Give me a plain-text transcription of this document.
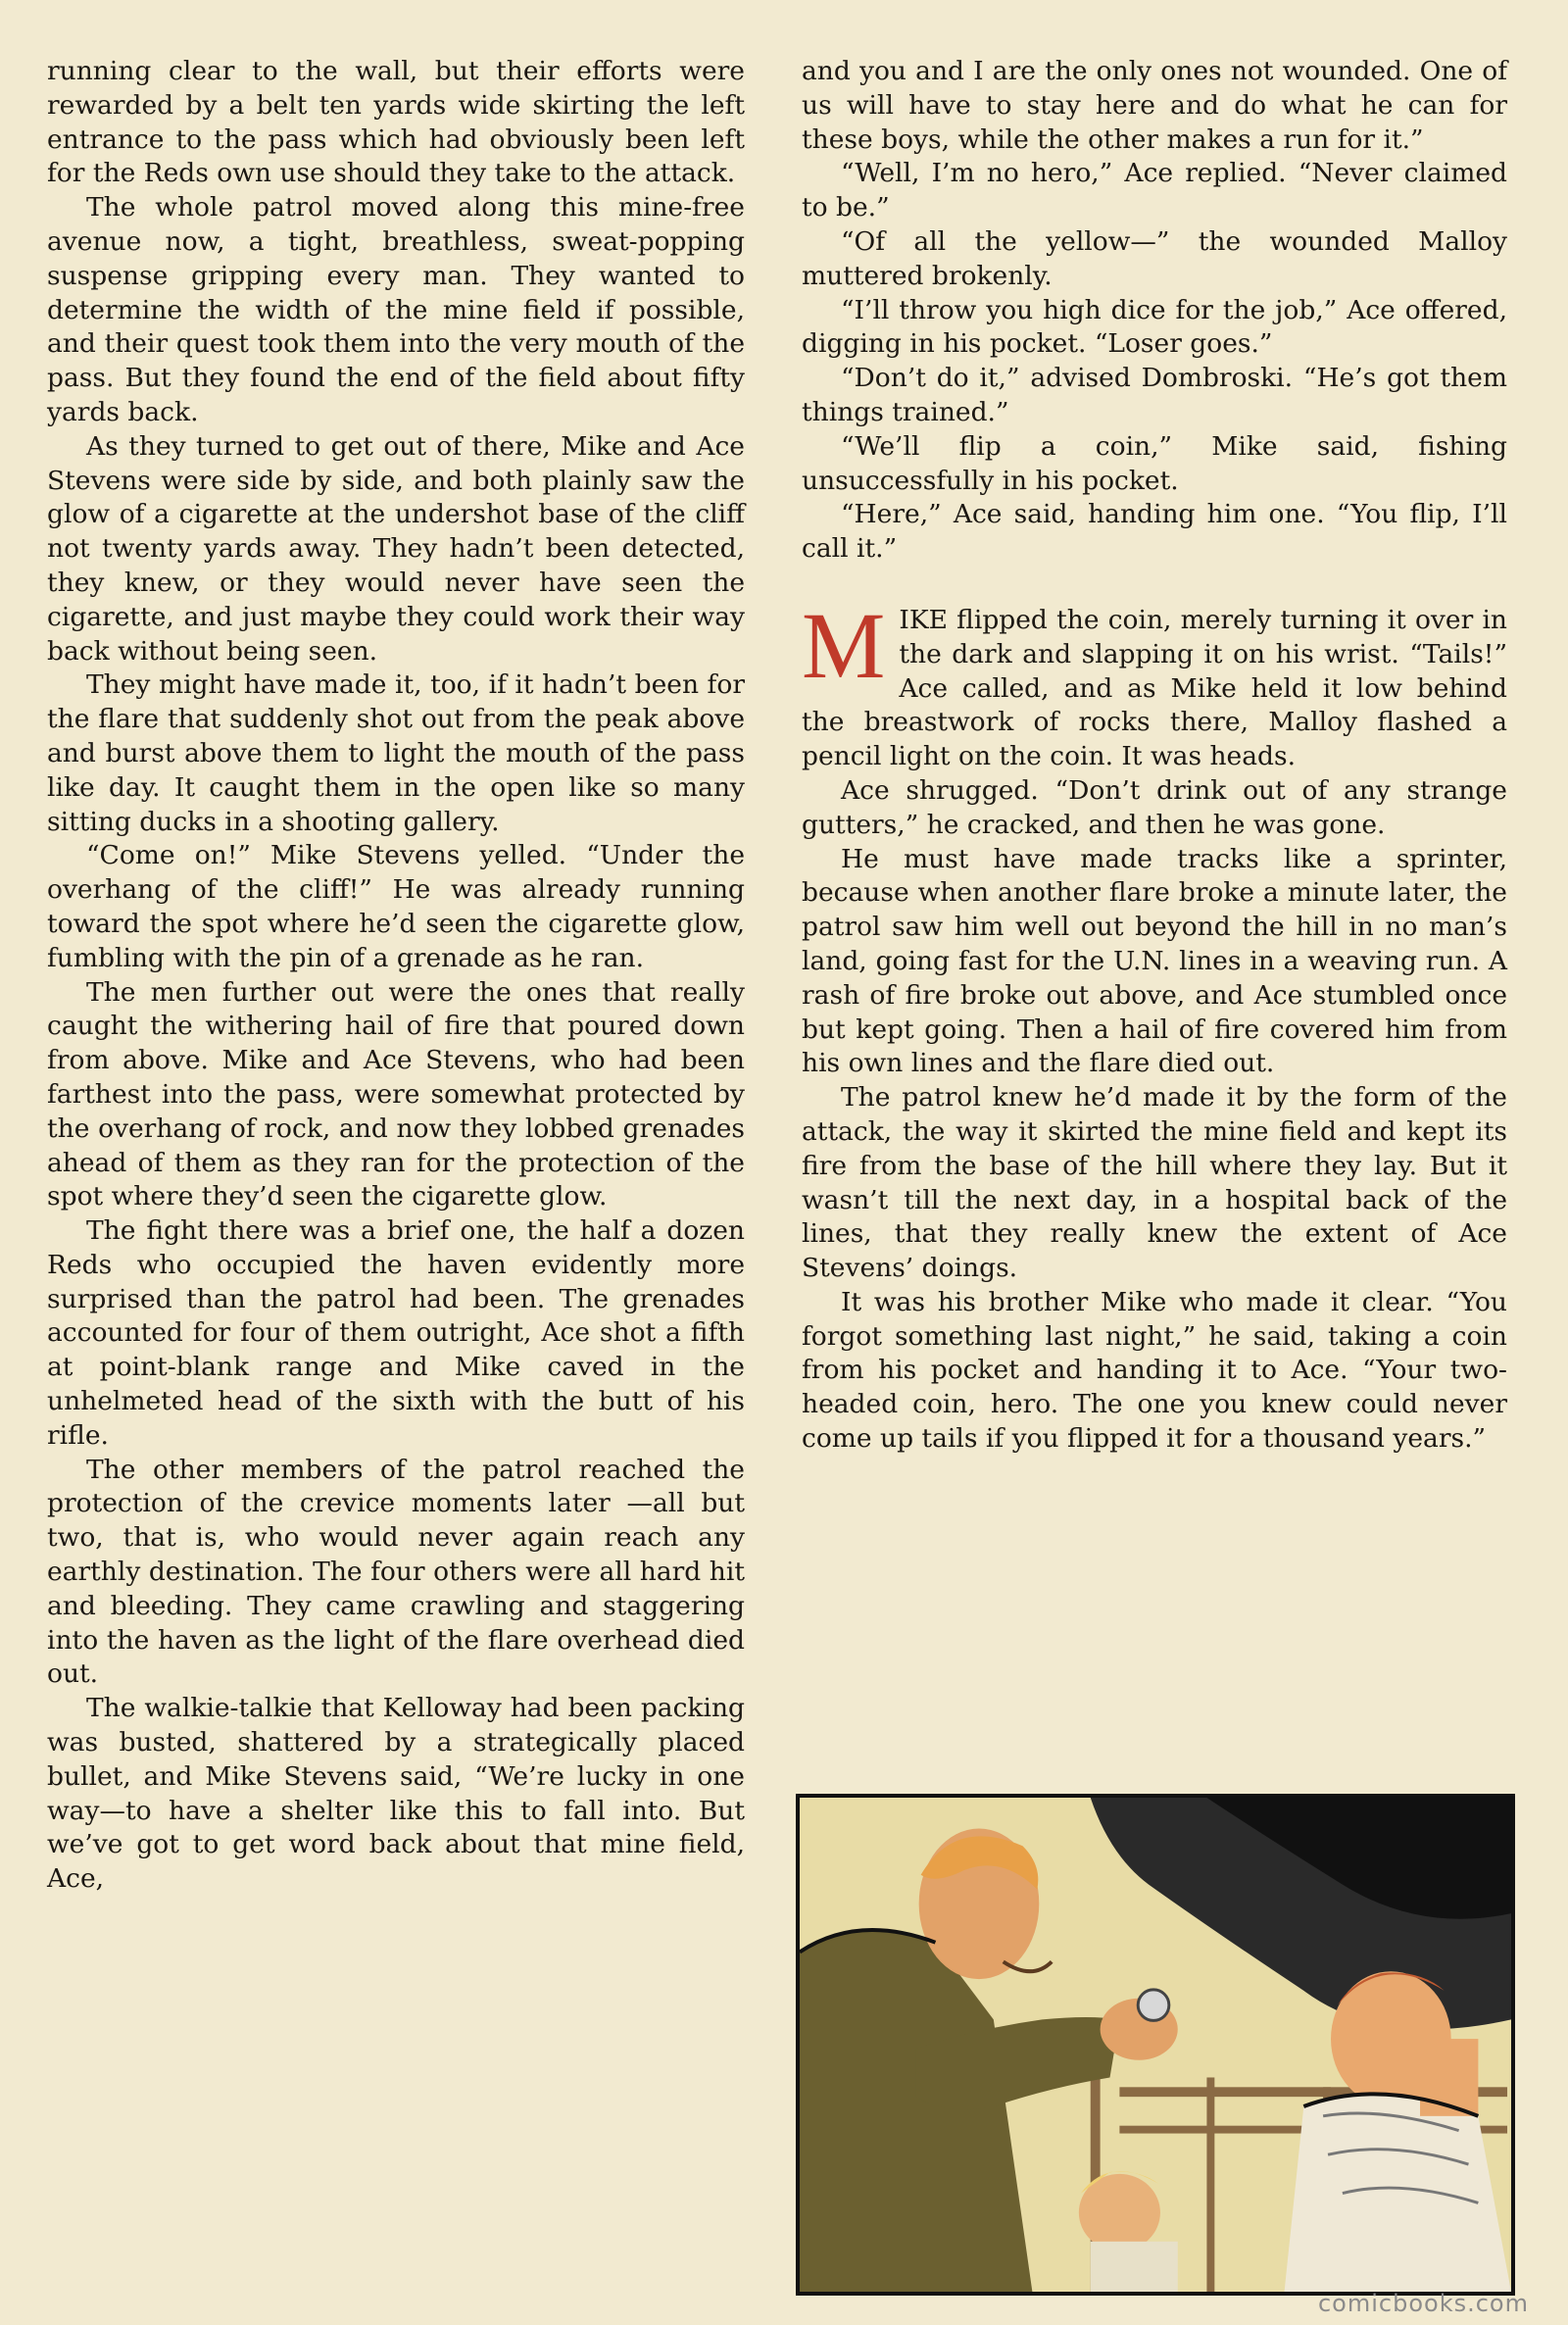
running clear to the wall, but their efforts were rewarded by a belt ten yards wide skirting the left entrance to the pass which had obviously been left for the Reds own use should they take to the attack.

The whole patrol moved along this mine-free avenue now, a tight, breathless, sweat-popping suspense gripping every man. They wanted to determine the width of the mine field if possible, and their quest took them into the very mouth of the pass. But they found the end of the field about fifty yards back.

As they turned to get out of there, Mike and Ace Stevens were side by side, and both plainly saw the glow of a cigarette at the undershot base of the cliff not twenty yards away. They hadn’t been detected, they knew, or they would never have seen the cigarette, and just maybe they could work their way back without being seen.

They might have made it, too, if it hadn’t been for the flare that suddenly shot out from the peak above and burst above them to light the mouth of the pass like day. It caught them in the open like so many sitting ducks in a shooting gallery.

“Come on!” Mike Stevens yelled. “Under the overhang of the cliff!” He was already running toward the spot where he’d seen the cigarette glow, fumbling with the pin of a grenade as he ran.

The men further out were the ones that really caught the withering hail of fire that poured down from above. Mike and Ace Stevens, who had been farthest into the pass, were somewhat protected by the overhang of rock, and now they lobbed grenades ahead of them as they ran for the protection of the spot where they’d seen the cigarette glow.

The fight there was a brief one, the half a dozen Reds who occupied the haven evidently more surprised than the patrol had been. The grenades accounted for four of them outright, Ace shot a fifth at point-blank range and Mike caved in the unhelmeted head of the sixth with the butt of his rifle.

The other members of the patrol reached the protection of the crevice moments later —all but two, that is, who would never again reach any earthly destination. The four others were all hard hit and bleeding. They came crawling and staggering into the haven as the light of the flare overhead died out.

The walkie-talkie that Kelloway had been packing was busted, shattered by a strategically placed bullet, and Mike Stevens said, “We’re lucky in one way—to have a shelter like this to fall into. But we’ve got to get word back about that mine field, Ace,

and you and I are the only ones not wounded. One of us will have to stay here and do what he can for these boys, while the other makes a run for it.”

“Well, I’m no hero,” Ace replied. “Never claimed to be.”

“Of all the yellow—” the wounded Malloy muttered brokenly.

“I’ll throw you high dice for the job,” Ace offered, digging in his pocket. “Loser goes.”

“Don’t do it,” advised Dombroski. “He’s got them things trained.”

“We’ll flip a coin,” Mike said, fishing unsuccessfully in his pocket.

“Here,” Ace said, handing him one. “You flip, I’ll call it.”

MIKE flipped the coin, merely turning it over in the dark and slapping it on his wrist. “Tails!” Ace called, and as Mike held it low behind the breastwork of rocks there, Malloy flashed a pencil light on the coin. It was heads.

Ace shrugged. “Don’t drink out of any strange gutters,” he cracked, and then he was gone.

He must have made tracks like a sprinter, because when another flare broke a minute later, the patrol saw him well out beyond the hill in no man’s land, going fast for the U.N. lines in a weaving run. A rash of fire broke out above, and Ace stumbled once but kept going. Then a hail of fire covered him from his own lines and the flare died out.

The patrol knew he’d made it by the form of the attack, the way it skirted the mine field and kept its fire from the base of the hill where they lay. But it wasn’t till the next day, in a hospital back of the lines, that they really knew the extent of Ace Stevens’ doings.

It was his brother Mike who made it clear. “You forgot something last night,” he said, taking a coin from his pocket and handing it to Ace. “Your two-headed coin, hero. The one you knew could never come up tails if you flipped it for a thousand years.”

comicbooks.com
